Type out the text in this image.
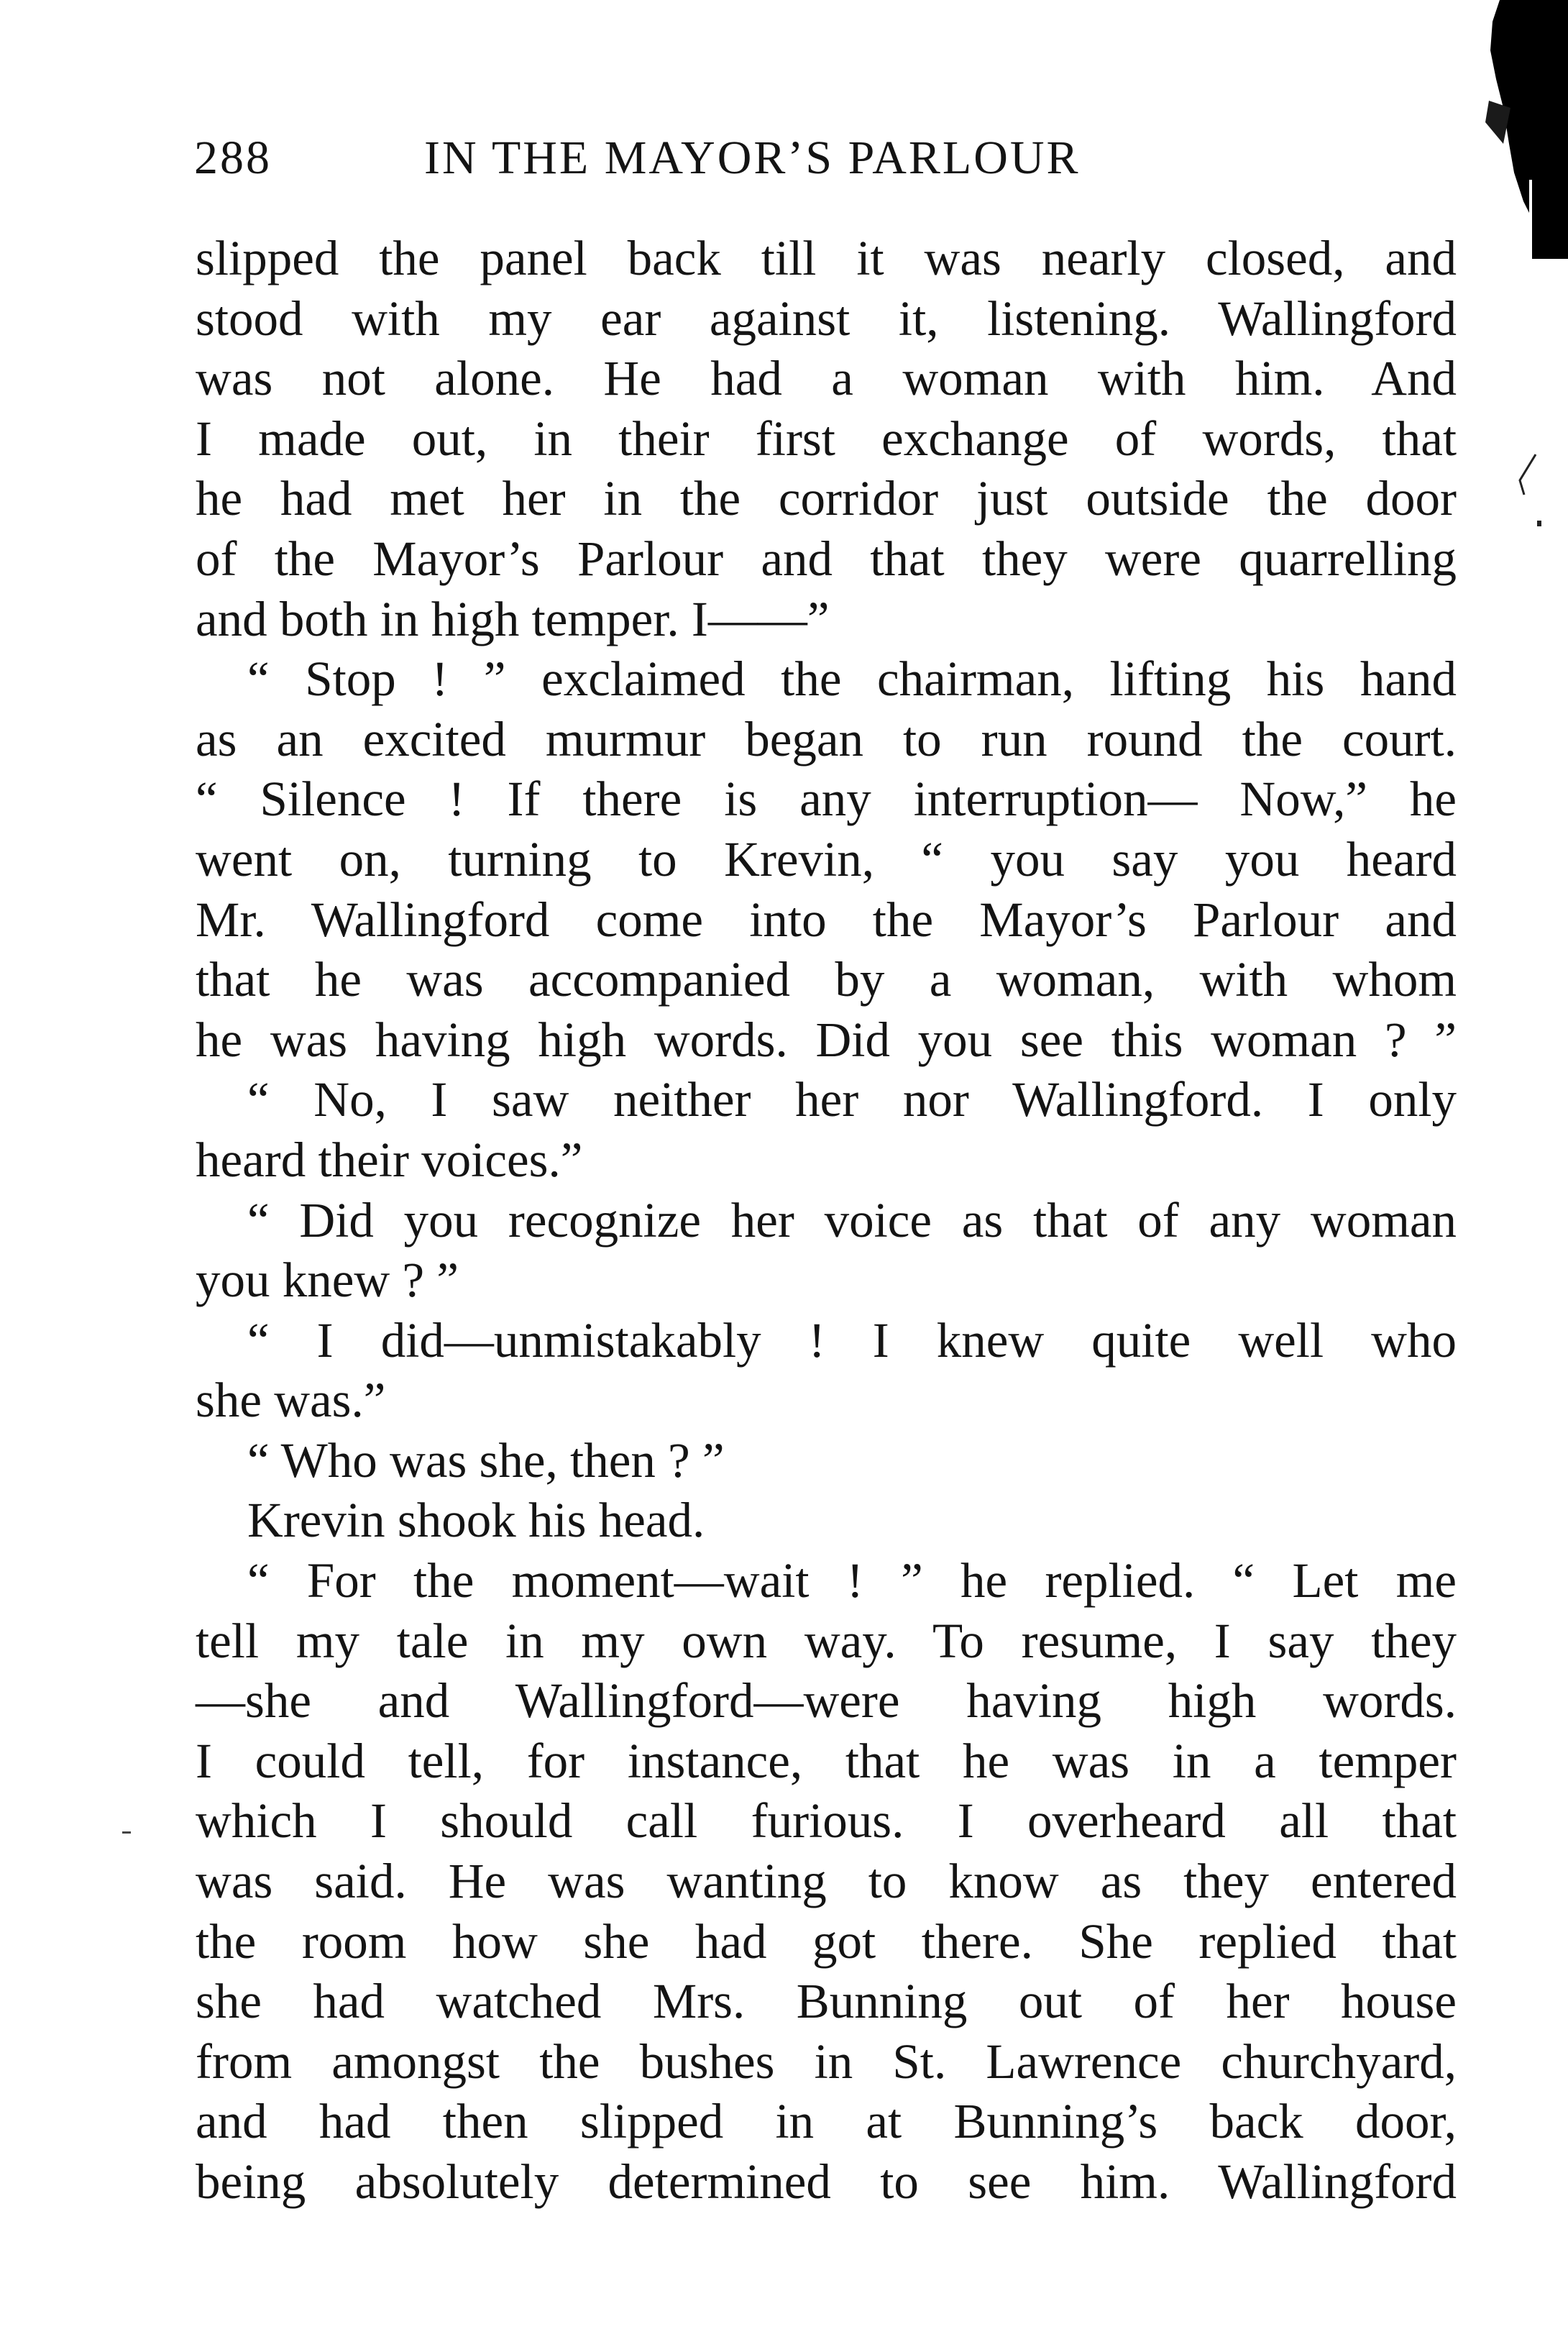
288	IN THE MAYOR’S PARLOUR
slipped the panel back till it was nearly closed, and
stood with my ear against it, listening. Wallingford
was not alone. He had a woman with him. And
I made out, in their first exchange of words, that
he had met her in the corridor just outside the door
of the Mayor’s Parlour and that they were quarrelling
and both in high temper. I——”
“ Stop ! ” exclaimed the chairman, lifting his hand
as an excited murmur began to run round the court.
“ Silence ! If there is any interruption— Now,” he
went on, turning to Krevin, “ you say you heard
Mr. Wallingford come into the Mayor’s Parlour and
that he was accompanied by a woman, with whom
he was having high words. Did you see this woman ? ”
“ No, I saw neither her nor Wallingford. I only
heard their voices.”
“ Did you recognize her voice as that of any woman
you knew ? ”
“ I did—unmistakably ! I knew quite well who
she was.”
“ Who was she, then ? ”
Krevin shook his head.
“ For the moment—wait ! ” he replied. “ Let me
tell my tale in my own way. To resume, I say they
—she and Wallingford—were having high words.
I could tell, for instance, that he was in a temper
which I should call furious. I overheard all that
was said. He was wanting to know as they entered
the room how she had got there. She replied that
she had watched Mrs. Bunning out of her house
from amongst the bushes in St. Lawrence churchyard,
and had then slipped in at Bunning’s back door,
being absolutely determined to see him. Wallingford
